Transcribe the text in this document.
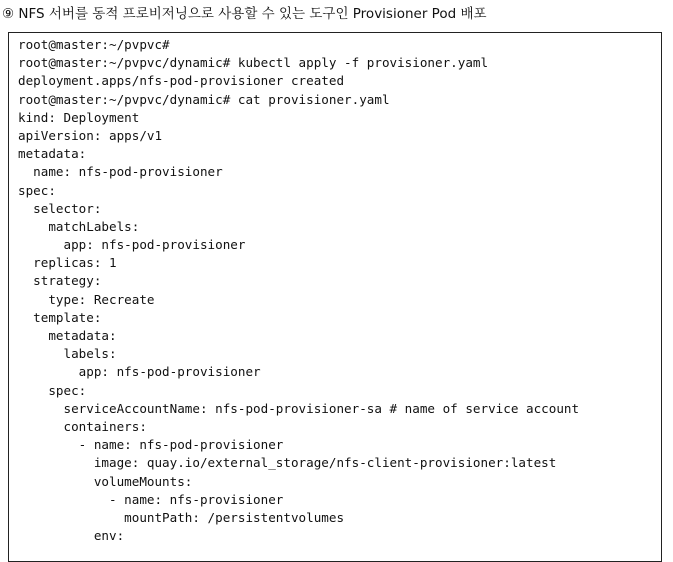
⑨ NFS 서버를 동적 프로비저닝으로 사용할 수 있는 도구인 Provisioner Pod 배포
root@master:~/pvpvc#
root@master:~/pvpvc/dynamic# kubectl apply -f provisioner.yaml
deployment.apps/nfs-pod-provisioner created
root@master:~/pvpvc/dynamic# cat provisioner.yaml
kind: Deployment
apiVersion: apps/v1
metadata:
name: nfs-pod-provisioner
spec:
selector:
matchLabels:
app: nfs-pod-provisioner
replicas: 1
strategy:
type: Recreate
template:
metadata:
labels:
app: nfs-pod-provisioner
spec:
serviceAccountName: nfs-pod-provisioner-sa # name of service account
containers:
- name: nfs-pod-provisioner
image: quay.io/external_storage/nfs-client-provisioner:latest
volumeMounts:
- name: nfs-provisioner
mountPath: /persistentvolumes
env:
